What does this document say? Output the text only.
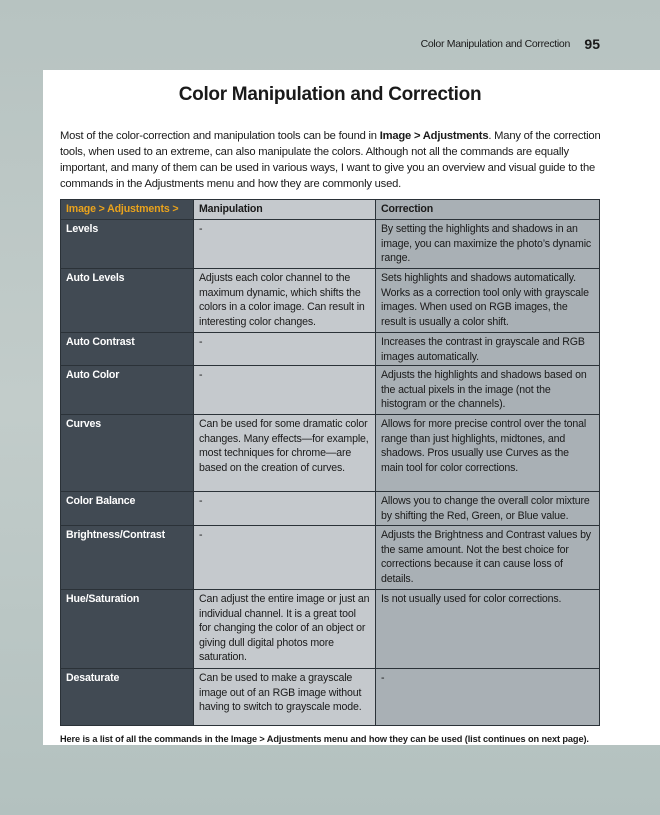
Color Manipulation and Correction 95
Color Manipulation and Correction

Most of the color-correction and manipulation tools can be found in Image > Adjustments. Many of the correction tools, when used to an extreme, can also manipulate the colors. Although not all the commands are equally important, and many of them can be used in various ways, I want to give you an overview and visual guide to the commands in the Adjustments menu and how they are commonly used.

Image > Adjustments >	Manipulation	Correction
Levels	-	By setting the highlights and shadows in an image, you can maximize the photo’s dynamic range.
Auto Levels	Adjusts each color channel to the maximum dynamic, which shifts the colors in a color image. Can result in interesting color changes.	Sets highlights and shadows automatically. Works as a correction tool only with grayscale images. When used on RGB images, the result is usually a color shift.
Auto Contrast	-	Increases the contrast in grayscale and RGB images automatically.
Auto Color	-	Adjusts the highlights and shadows based on the actual pixels in the image (not the histogram or the channels).
Curves	Can be used for some dramatic color changes. Many effects—for example, most techniques for chrome—are based on the creation of curves.	Allows for more precise control over the tonal range than just highlights, midtones, and shadows. Pros usually use Curves as the main tool for color corrections.
Color Balance	-	Allows you to change the overall color mixture by shifting the Red, Green, or Blue value.
Brightness/Contrast	-	Adjusts the Brightness and Contrast values by the same amount. Not the best choice for corrections because it can cause loss of details.
Hue/Saturation	Can adjust the entire image or just an individual channel. It is a great tool for changing the color of an object or giving dull digital photos more saturation.	Is not usually used for color corrections.
Desaturate	Can be used to make a grayscale image out of an RGB image without having to switch to grayscale mode.	-

Here is a list of all the commands in the Image > Adjustments menu and how they can be used (list continues on next page).
